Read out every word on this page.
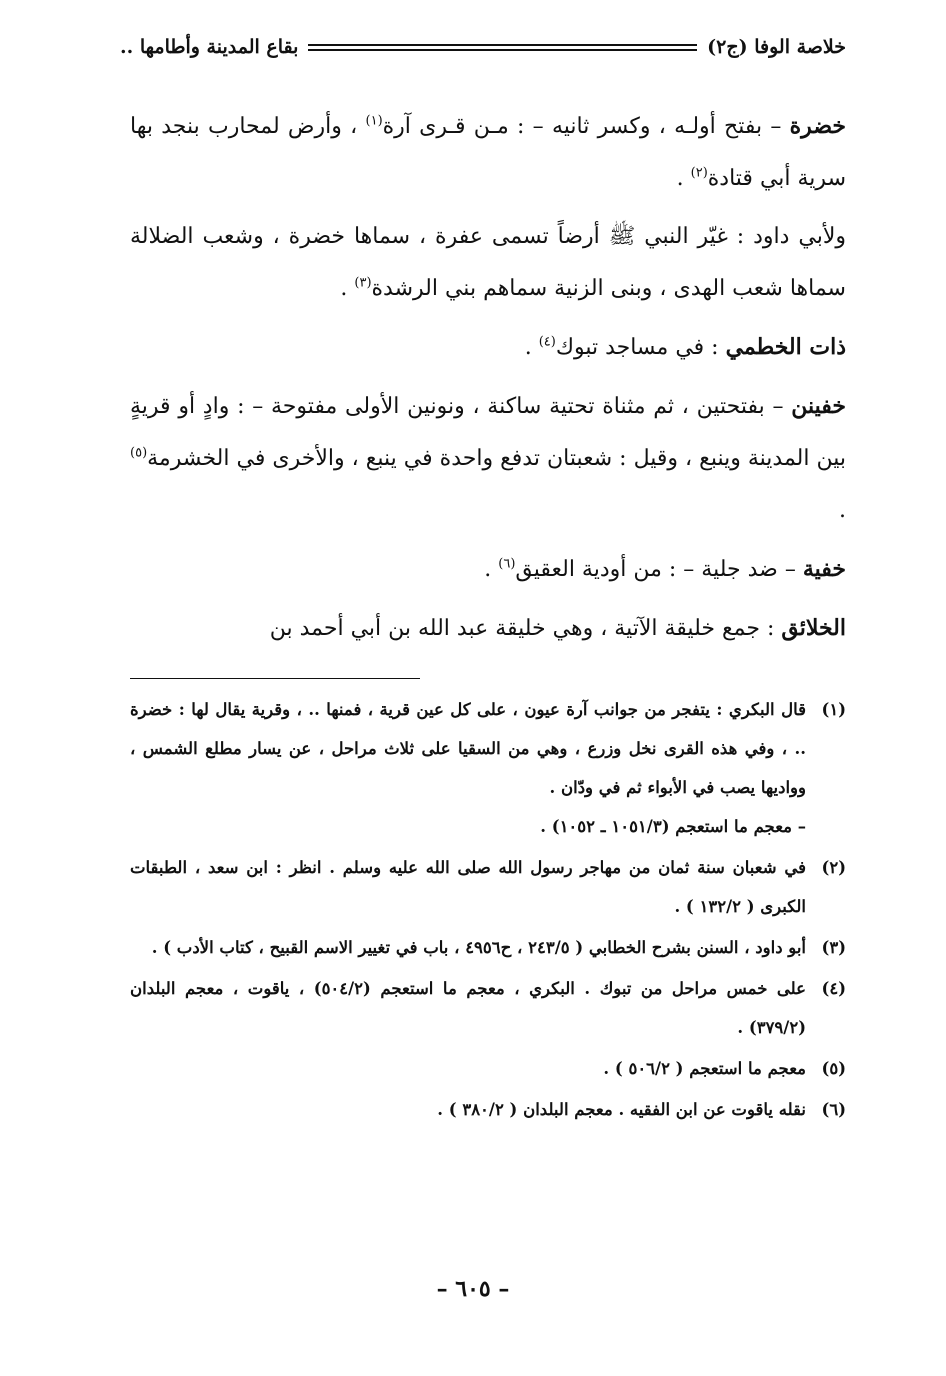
خلاصة الوفا (ج٢)
بقاع المدينة وأطامها ..

خضرة – بفتح أولـه ، وكسر ثانيه – : مـن قـرى آرة$^{(١)}$ ، وأرض لمحارب بنجد بها سرية أبي قتادة$^{(٢)}$ .

ولأبي داود : غيّر النبي ﷺ أرضاً تسمى عفرة ، سماها خضرة ، وشعب الضلالة سماها شعب الهدى ، وبنى الزنية سماهم بني الرشدة$^{(٣)}$ .

ذات الخطمي : في مساجد تبوك$^{(٤)}$ .

خفينن – بفتحتين ، ثم مثناة تحتية ساكنة ، ونونين الأولى مفتوحة – : وادٍ أو قريةٍ بين المدينة وينبع ، وقيل : شعبتان تدفع واحدة في ينبع ، والأخرى في الخشرمة$^{(٥)}$ .

خفية – ضد جلية – : من أودية العقيق$^{(٦)}$ .

الخلائق : جمع خليقة الآتية ، وهي خليقة عبد الله بن أبي أحمد بن

(١)
قال البكري : يتفجر من جوانب آرة عيون ، على كل عين قرية ، فمنها .. ، وقرية يقال لها : خضرة .. ، وفي هذه القرى نخل وزرع ، وهي من السقيا على ثلاث مراحل ، عن يسار مطلع الشمس ، وواديها يصب في الأبواء ثم في ودّان .
– معجم ما استعجم (١٠٥١/٣ ـ ١٠٥٢) .
(٢)
في شعبان سنة ثمان من مهاجر رسول الله صلى الله عليه وسلم . انظر : ابن سعد ، الطبقات الكبرى ( ١٣٢/٢ ) .
(٣)
أبو داود ، السنن بشرح الخطابي ( ٢٤٣/٥ ، ح٤٩٥٦ ، باب في تغيير الاسم القبيح ، كتاب الأدب ) .
(٤)
على خمس مراحل من تبوك . البكري ، معجم ما استعجم (٥٠٤/٢) ، ياقوت ، معجم البلدان (٣٧٩/٢) .
(٥)
معجم ما استعجم ( ٥٠٦/٢ ) .
(٦)
نقله ياقوت عن ابن الفقيه . معجم البلدان ( ٣٨٠/٢ ) .
– ٦٠٥ –
